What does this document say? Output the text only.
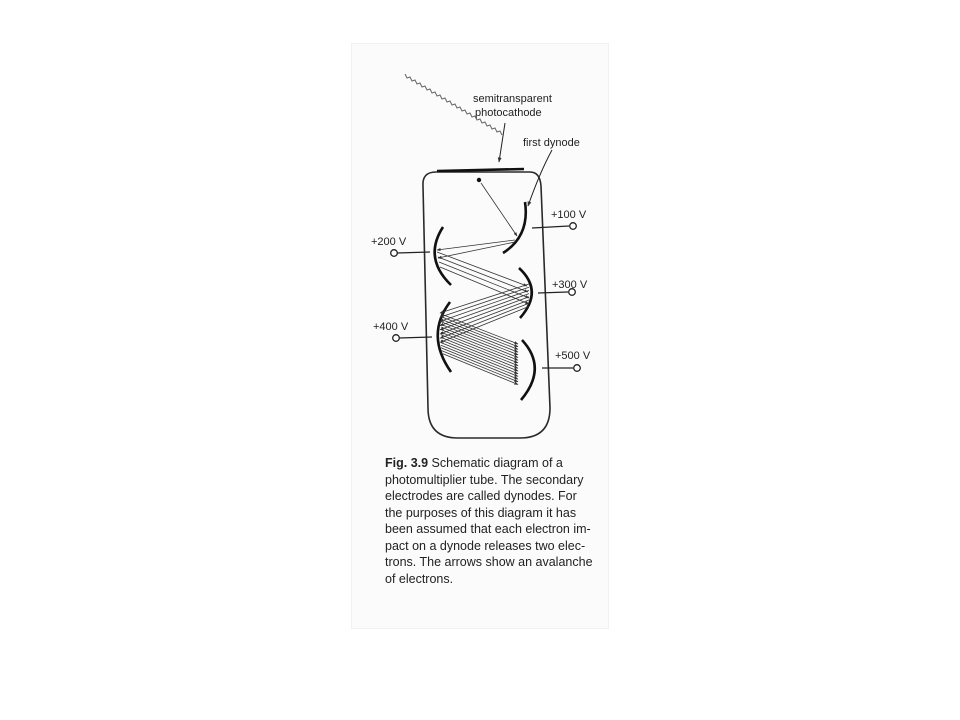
semitransparent
photocathode
first dynode
+100 V
+200 V
+300 V
+400 V
+500 V
Fig. 3.9 Schematic diagram of a
photomultiplier tube. The secondary
electrodes are called dynodes. For
the purposes of this diagram it has
been assumed that each electron im-
pact on a dynode releases two elec-
trons. The arrows show an avalanche
of electrons.
